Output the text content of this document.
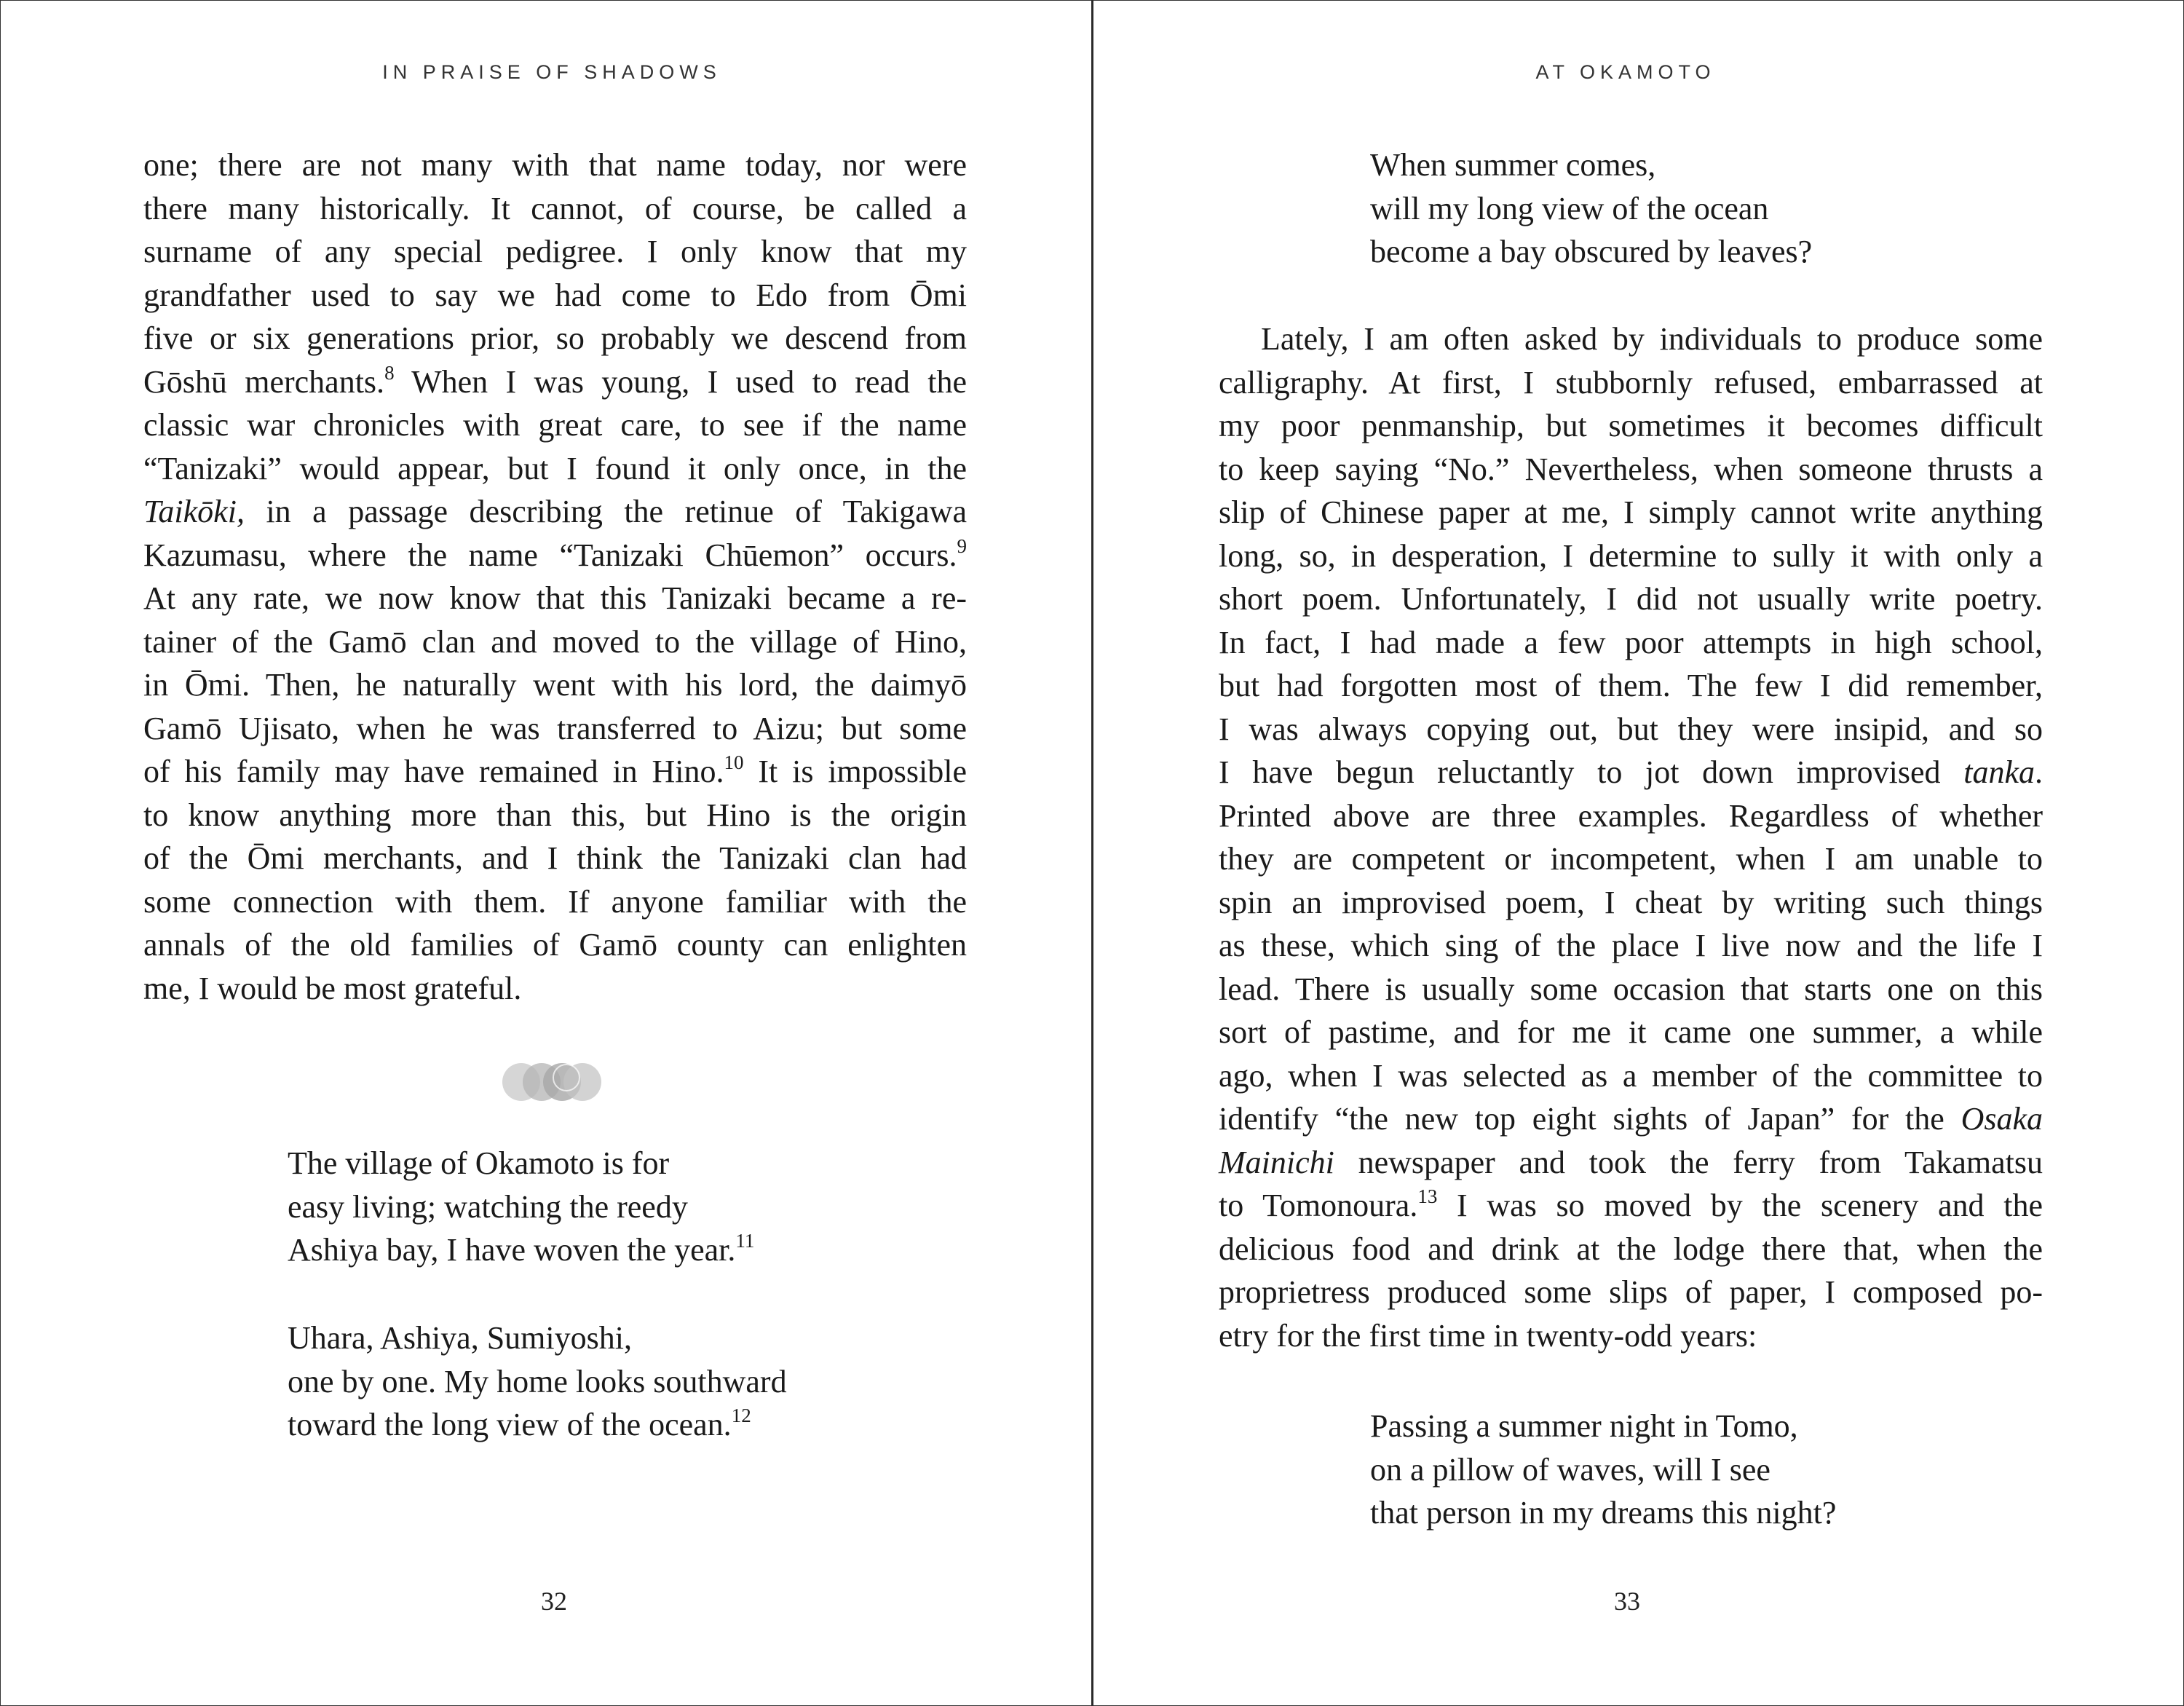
IN PRAISE OF SHADOWS
one; there are not many with that name today, nor were
there many historically. It cannot, of course, be called a
surname of any special pedigree. I only know that my
grandfather used to say we had come to Edo from Ōmi
five or six generations prior, so probably we descend from
Gōshū merchants.$^8$ When I was young, I used to read the
classic war chronicles with great care, to see if the name
“Tanizaki” would appear, but I found it only once, in the
Taikōki, in a passage describing the retinue of Takigawa
Kazumasu, where the name “Tanizaki Chūemon” occurs.$^9$
At any rate, we now know that this Tanizaki became a re-
tainer of the Gamō clan and moved to the village of Hino,
in Ōmi. Then, he naturally went with his lord, the daimyō
Gamō Ujisato, when he was transferred to Aizu; but some
of his family may have remained in Hino.$^{10}$ It is impossible
to know anything more than this, but Hino is the origin
of the Ōmi merchants, and I think the Tanizaki clan had
some connection with them. If anyone familiar with the
annals of the old families of Gamō county can enlighten
me, I would be most grateful.
The village of Okamoto is for
easy living; watching the reedy
Ashiya bay, I have woven the year.$^{11}$
Uhara, Ashiya, Sumiyoshi,
one by one. My home looks southward
toward the long view of the ocean.$^{12}$
32
AT OKAMOTO
When summer comes,
will my long view of the ocean
become a bay obscured by leaves?
Lately, I am often asked by individuals to produce some
calligraphy. At first, I stubbornly refused, embarrassed at
my poor penmanship, but sometimes it becomes difficult
to keep saying “No.” Nevertheless, when someone thrusts a
slip of Chinese paper at me, I simply cannot write anything
long, so, in desperation, I determine to sully it with only a
short poem. Unfortunately, I did not usually write poetry.
In fact, I had made a few poor attempts in high school,
but had forgotten most of them. The few I did remember,
I was always copying out, but they were insipid, and so
I have begun reluctantly to jot down improvised tanka.
Printed above are three examples. Regardless of whether
they are competent or incompetent, when I am unable to
spin an improvised poem, I cheat by writing such things
as these, which sing of the place I live now and the life I
lead. There is usually some occasion that starts one on this
sort of pastime, and for me it came one summer, a while
ago, when I was selected as a member of the committee to
identify “the new top eight sights of Japan” for the Osaka
Mainichi newspaper and took the ferry from Takamatsu
to Tomonoura.$^{13}$ I was so moved by the scenery and the
delicious food and drink at the lodge there that, when the
proprietress produced some slips of paper, I composed po-
etry for the first time in twenty-odd years:
Passing a summer night in Tomo,
on a pillow of waves, will I see
that person in my dreams this night?
33
